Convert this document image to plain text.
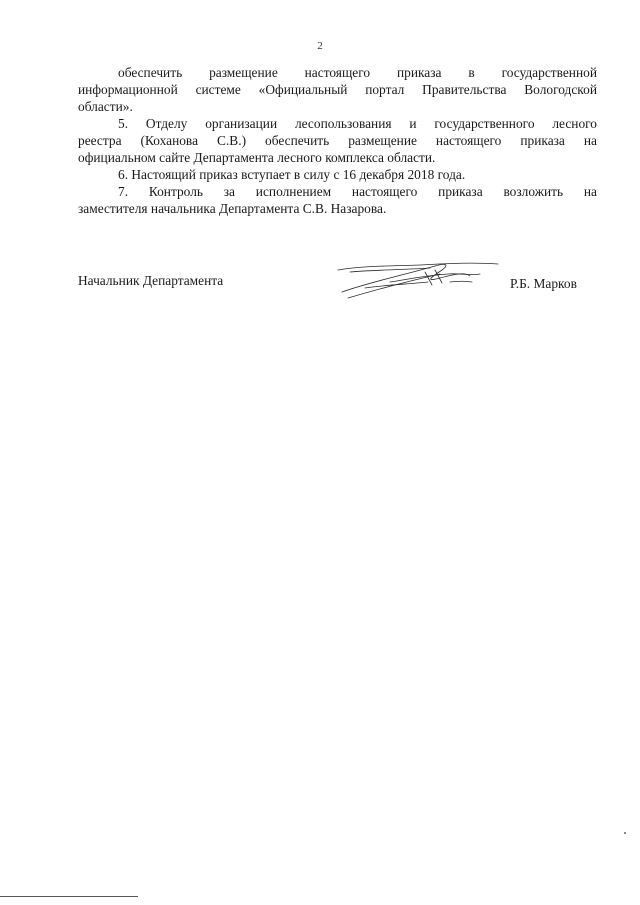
2

обеспечить размещение настоящего приказа в государственной
информационной системе «Официальный портал Правительства Вологодской
области».

5. Отделу организации лесопользования и государственного лесного
реестра (Коханова С.В.) обеспечить размещение настоящего приказа на
официальном сайте Департамента лесного комплекса области.

6. Настоящий приказ вступает в силу с 16 декабря 2018 года.

7. Контроль за исполнением настоящего приказа возложить на
заместителя начальника Департамента С.В. Назарова.

Начальник Департамента	Р.Б. Марков
